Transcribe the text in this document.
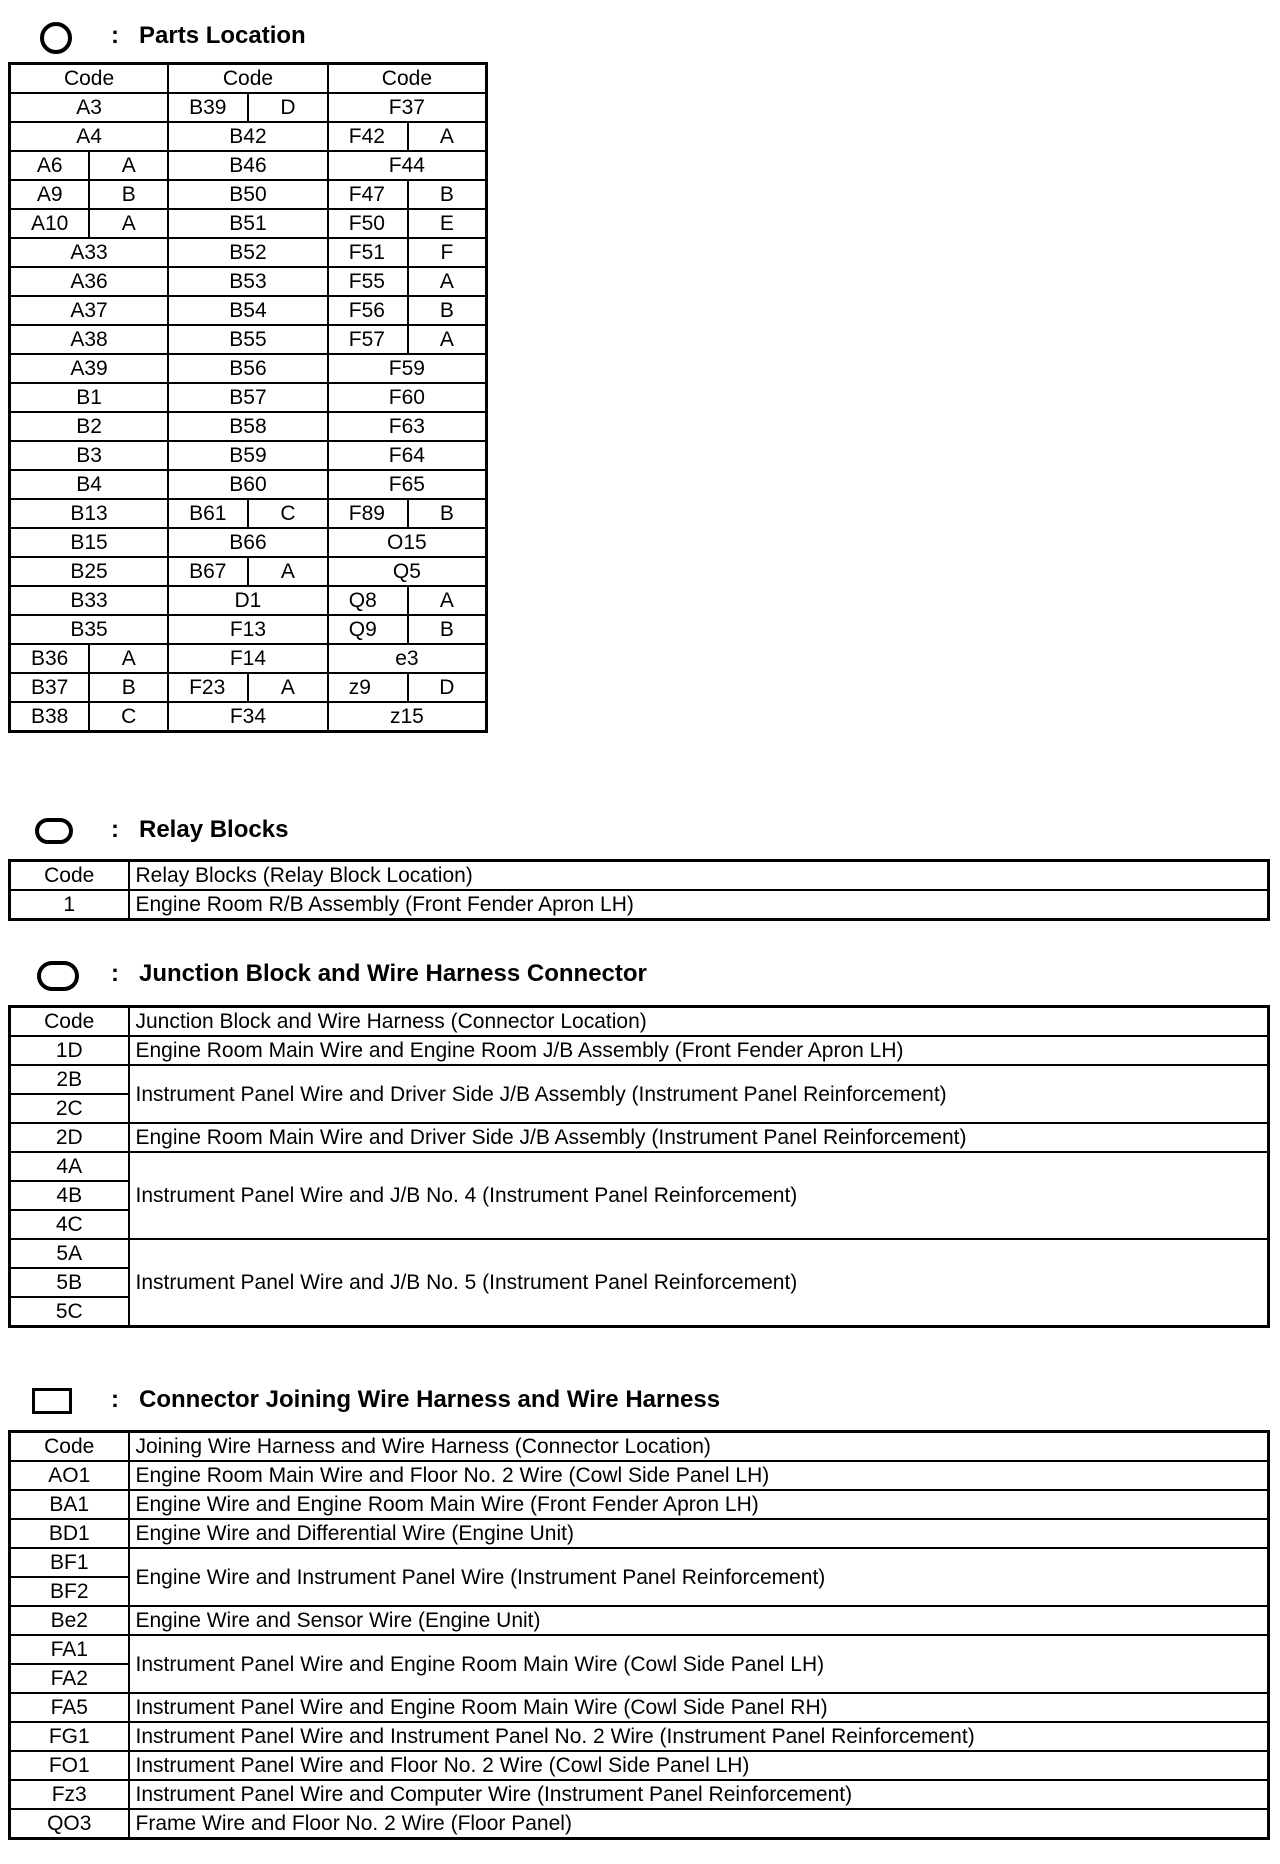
: Parts Location
Code		Code		Code	
A3		B39	D	F37	
A4		B42		F42	A
A6	A	B46		F44	
A9	B	B50		F47	B
A10	A	B51		F50	E
A33		B52		F51	F
A36		B53		F55	A
A37		B54		F56	B
A38		B55		F57	A
A39		B56		F59	
B1		B57		F60	
B2		B58		F63	
B3		B59		F64	
B4		B60		F65	
B13		B61	C	F89	B
B15		B66		O15	
B25		B67	A	Q5	
B33		D1		Q8	A
B35		F13		Q9	B
B36	A	F14		e3	
B37	B	F23	A	z9	D
B38	C	F34		z15	
: Relay Blocks
Code	Relay Blocks (Relay Block Location)
1	Engine Room R/B Assembly (Front Fender Apron LH)
: Junction Block and Wire Harness Connector
Code	Junction Block and Wire Harness (Connector Location)
1D	Engine Room Main Wire and Engine Room J/B Assembly (Front Fender Apron LH)
2B	Instrument Panel Wire and Driver Side J/B Assembly (Instrument Panel Reinforcement)
2C	
2D	Engine Room Main Wire and Driver Side J/B Assembly (Instrument Panel Reinforcement)
4A	Instrument Panel Wire and J/B No. 4 (Instrument Panel Reinforcement)
4B	
4C	
5A	Instrument Panel Wire and J/B No. 5 (Instrument Panel Reinforcement)
5B	
5C	
: Connector Joining Wire Harness and Wire Harness
Code	Joining Wire Harness and Wire Harness (Connector Location)
AO1	Engine Room Main Wire and Floor No. 2 Wire (Cowl Side Panel LH)
BA1	Engine Wire and Engine Room Main Wire (Front Fender Apron LH)
BD1	Engine Wire and Differential Wire (Engine Unit)
BF1	Engine Wire and Instrument Panel Wire (Instrument Panel Reinforcement)
BF2	
Be2	Engine Wire and Sensor Wire (Engine Unit)
FA1	Instrument Panel Wire and Engine Room Main Wire (Cowl Side Panel LH)
FA2	
FA5	Instrument Panel Wire and Engine Room Main Wire (Cowl Side Panel RH)
FG1	Instrument Panel Wire and Instrument Panel No. 2 Wire (Instrument Panel Reinforcement)
FO1	Instrument Panel Wire and Floor No. 2 Wire (Cowl Side Panel LH)
Fz3	Instrument Panel Wire and Computer Wire (Instrument Panel Reinforcement)
QO3	Frame Wire and Floor No. 2 Wire (Floor Panel)
